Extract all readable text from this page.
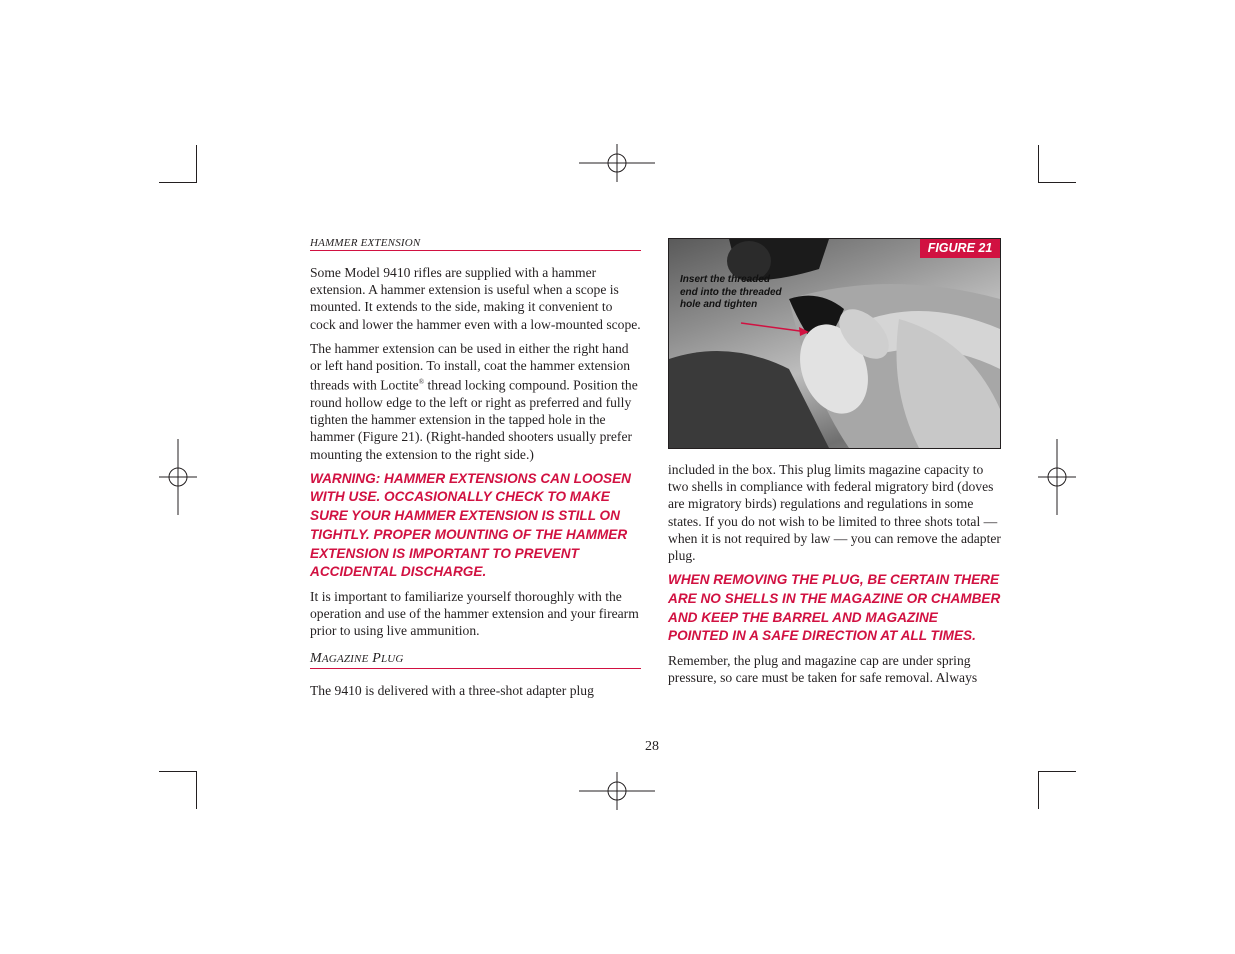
HAMMER EXTENSION

Some Model 9410 rifles are supplied with a hammer extension. A hammer extension is useful when a scope is mounted. It extends to the side, making it convenient to cock and lower the hammer even with a low-mounted scope.

The hammer extension can be used in either the right hand or left hand position. To install, coat the hammer extension threads with Loctite® thread locking compound. Position the round hollow edge to the left or right as preferred and fully tighten the hammer extension in the tapped hole in the hammer (Figure 21). (Right-handed shooters usually prefer mounting the extension to the right side.)

WARNING: HAMMER EXTENSIONS CAN LOOSEN WITH USE. OCCASIONALLY CHECK TO MAKE SURE YOUR HAMMER EXTENSION IS STILL ON TIGHTLY. PROPER MOUNTING OF THE HAMMER EXTENSION IS IMPORTANT TO PREVENT ACCIDENTAL DISCHARGE.

It is important to familiarize yourself thoroughly with the operation and use of the hammer extension and your firearm prior to using live ammunition.

MAGAZINE PLUG

The 9410 is delivered with a three-shot adapter plug

FIGURE 21
Insert the threaded end into the threaded hole and tighten

included in the box. This plug limits magazine capacity to two shells in compliance with federal migratory bird (doves are migratory birds) regulations and regulations in some states. If you do not wish to be limited to three shots total — when it is not required by law — you can remove the adapter plug.

WHEN REMOVING THE PLUG, BE CERTAIN THERE ARE NO SHELLS IN THE MAGAZINE OR CHAMBER AND KEEP THE BARREL AND MAGAZINE POINTED IN A SAFE DIRECTION AT ALL TIMES.

Remember, the plug and magazine cap are under spring pressure, so care must be taken for safe removal. Always

28
